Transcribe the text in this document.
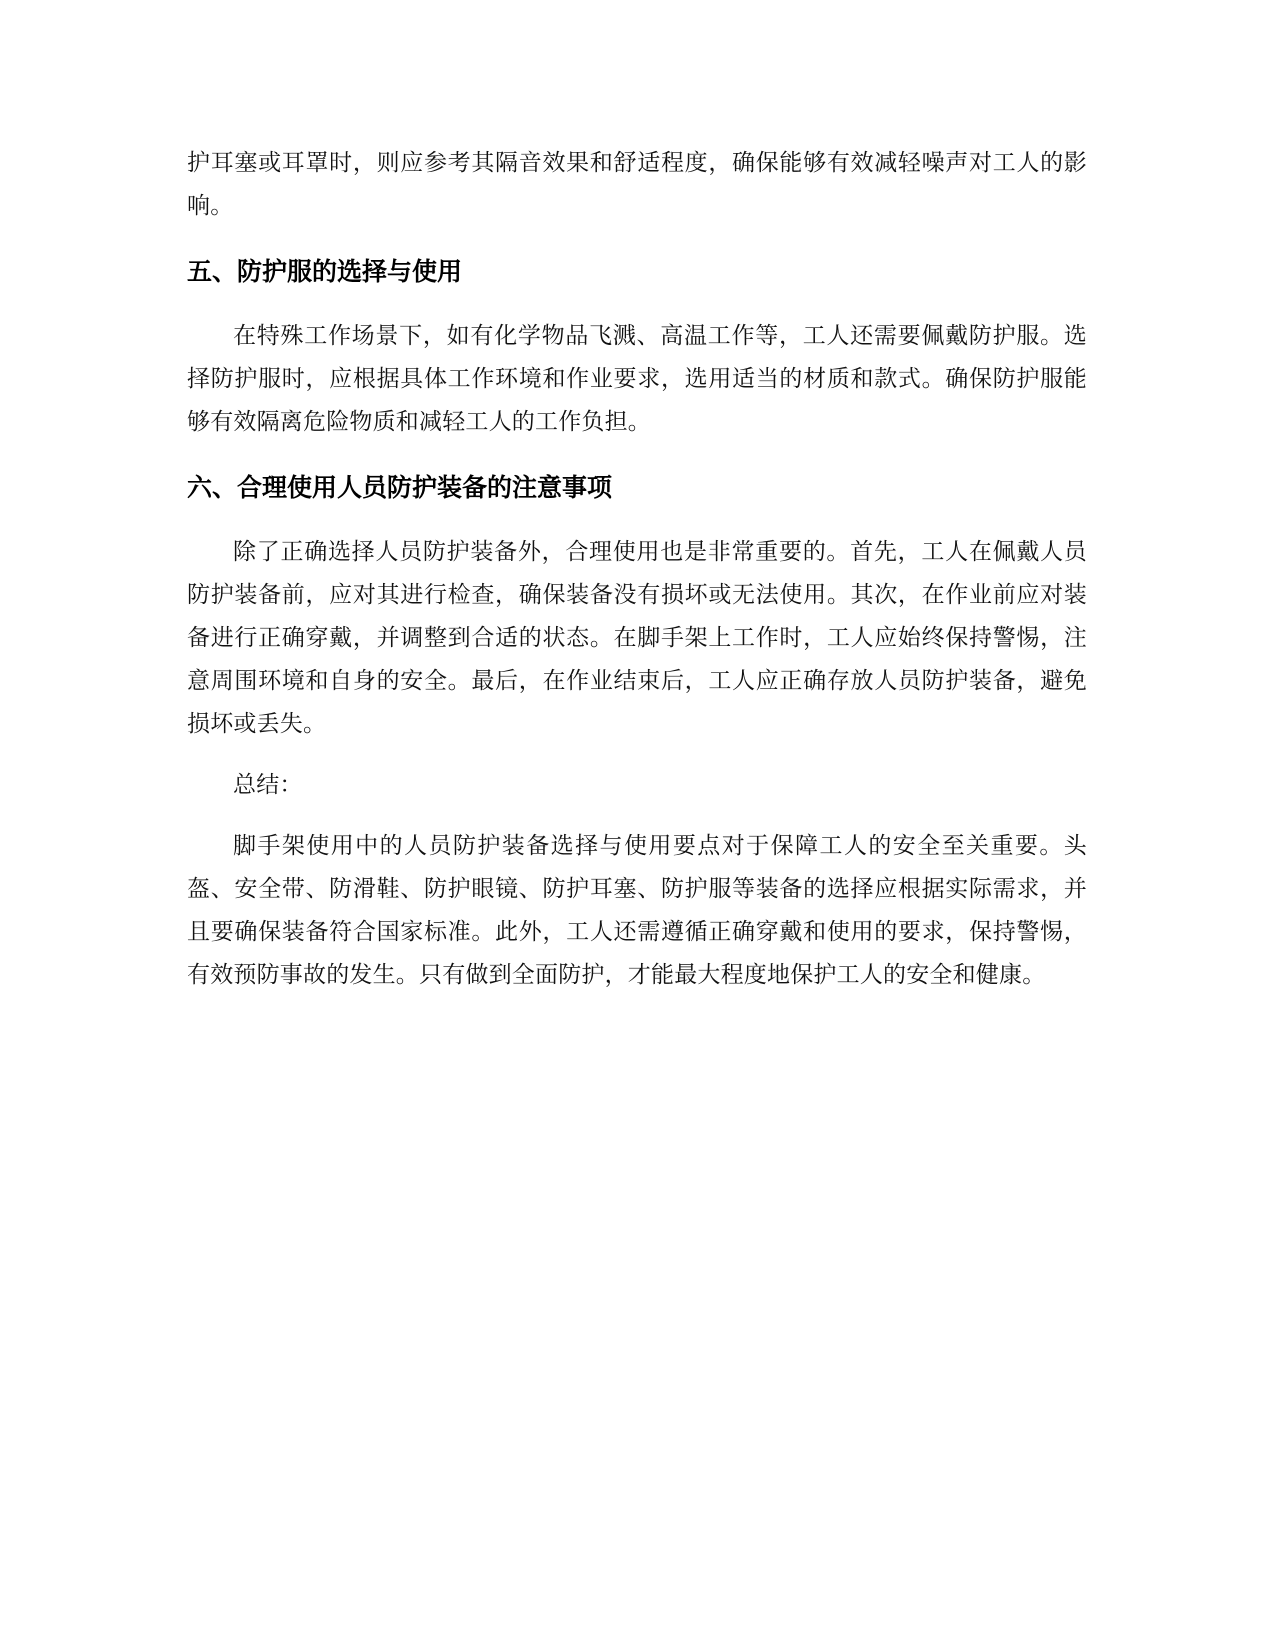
护耳塞或耳罩时，则应参考其隔音效果和舒适程度，确保能够有效减轻噪声对工人的影响。

五、防护服的选择与使用

在特殊工作场景下，如有化学物品飞溅、高温工作等，工人还需要佩戴防护服。选择防护服时，应根据具体工作环境和作业要求，选用适当的材质和款式。确保防护服能够有效隔离危险物质和减轻工人的工作负担。

六、合理使用人员防护装备的注意事项

除了正确选择人员防护装备外，合理使用也是非常重要的。首先，工人在佩戴人员防护装备前，应对其进行检查，确保装备没有损坏或无法使用。其次，在作业前应对装备进行正确穿戴，并调整到合适的状态。在脚手架上工作时，工人应始终保持警惕，注意周围环境和自身的安全。最后，在作业结束后，工人应正确存放人员防护装备，避免损坏或丢失。

总结：

脚手架使用中的人员防护装备选择与使用要点对于保障工人的安全至关重要。头盔、安全带、防滑鞋、防护眼镜、防护耳塞、防护服等装备的选择应根据实际需求，并且要确保装备符合国家标准。此外，工人还需遵循正确穿戴和使用的要求，保持警惕，有效预防事故的发生。只有做到全面防护，才能最大程度地保护工人的安全和健康。
